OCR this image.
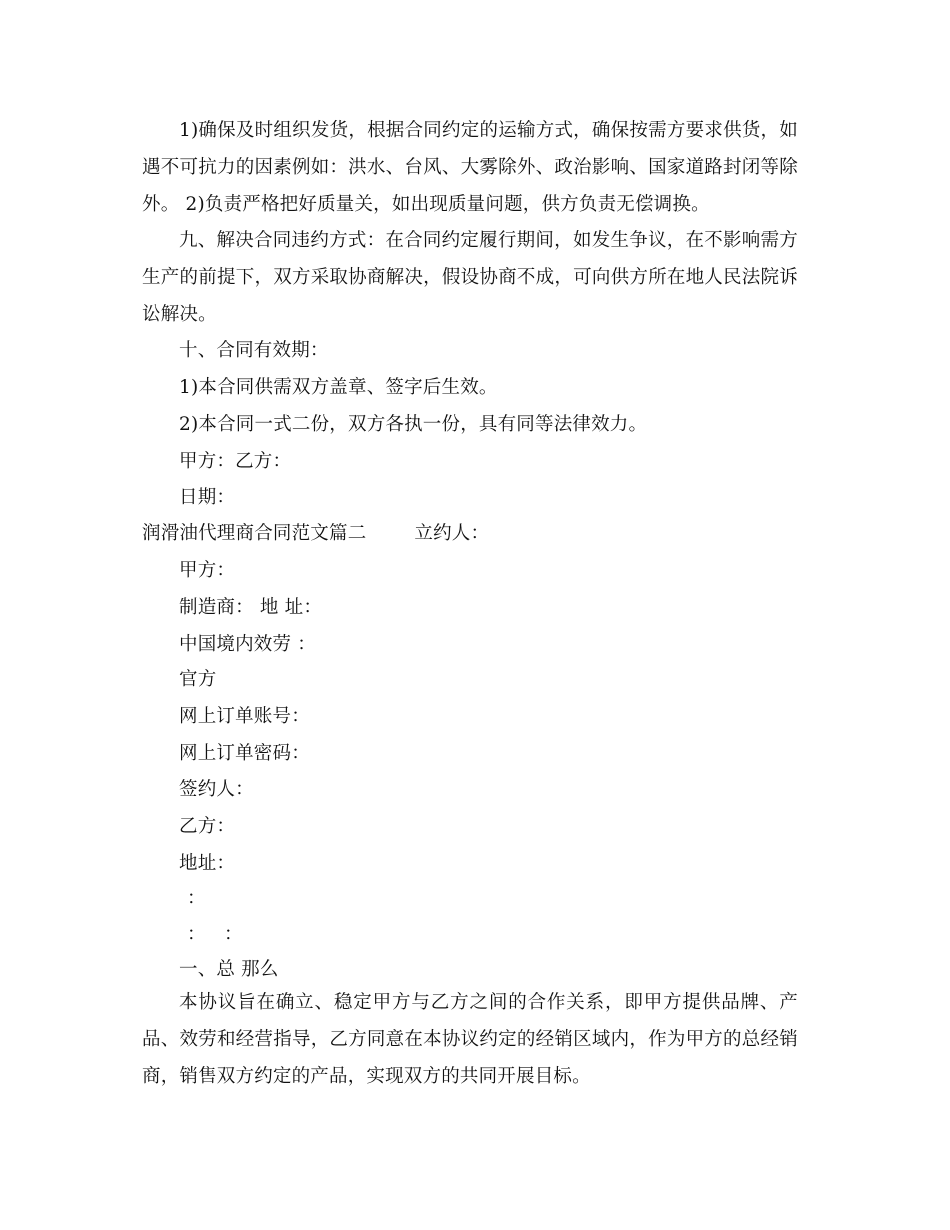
1)确保及时组织发货，根据合同约定的运输方式，确保按需方要求供货，如遇不可抗力的因素例如：洪水、台风、大雾除外、政治影响、国家道路封闭等除外。 2)负责严格把好质量关，如出现质量问题，供方负责无偿调换。

九、解决合同违约方式：在合同约定履行期间，如发生争议，在不影响需方生产的前提下，双方采取协商解决，假设协商不成，可向供方所在地人民法院诉讼解决。

十、合同有效期：
1)本合同供需双方盖章、签字后生效。
2)本合同一式二份，双方各执一份，具有同等法律效力。
甲方：乙方：
日期：
润滑油代理商合同范文篇二	立约人：
甲方：
制造商： 地 址：
中国境内效劳 ：
官方
网上订单账号：
网上订单密码：
签约人：
乙方：
地址：
：
：   ：
一、总 那么

本协议旨在确立、稳定甲方与乙方之间的合作关系，即甲方提供品牌、产品、效劳和经营指导，乙方同意在本协议约定的经销区域内，作为甲方的总经销商，销售双方约定的产品，实现双方的共同开展目标。
